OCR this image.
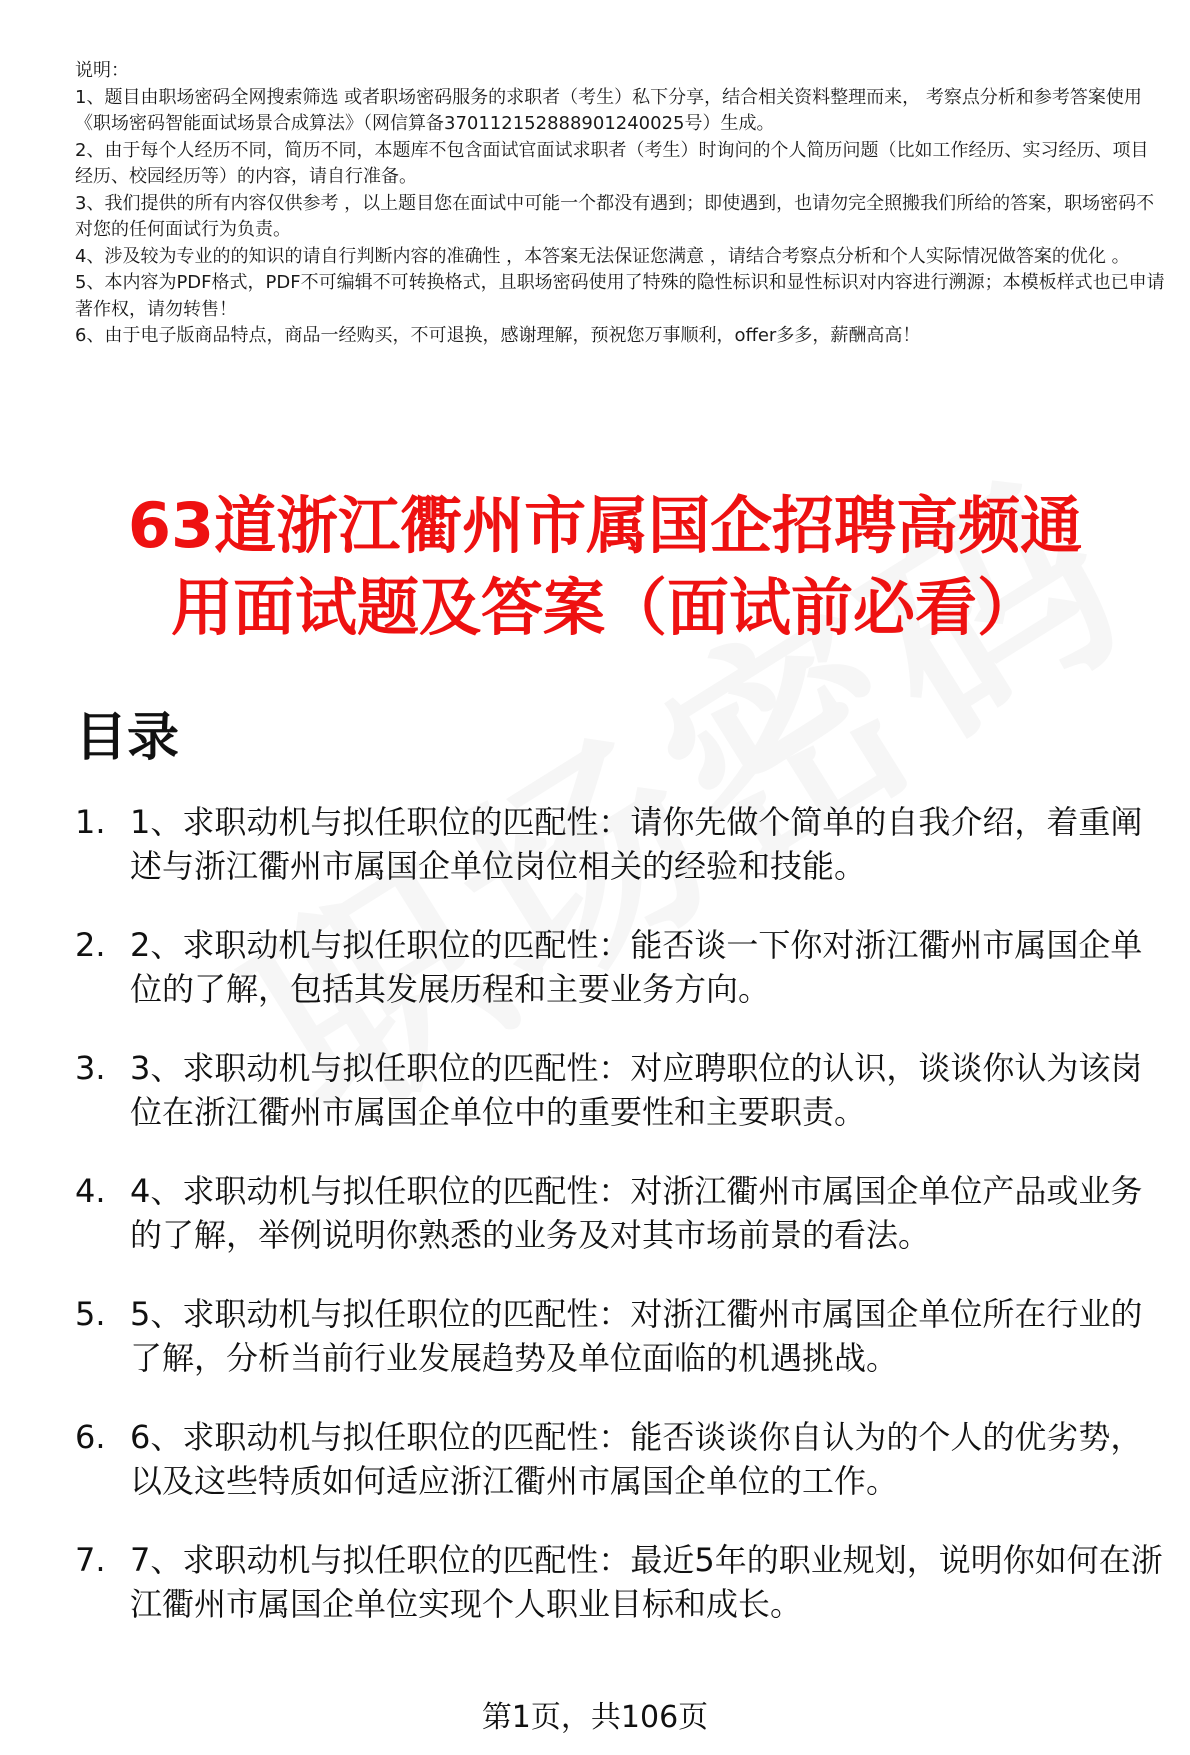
说明：

1、题目由职场密码全网搜索筛选 或者职场密码服务的求职者（考生）私下分享，结合相关资料整理而来， 考察点分析和参考答案使用《职场密码智能面试场景合成算法》（网信算备370112152888901240025号）生成。

2、由于每个人经历不同，简历不同，本题库不包含面试官面试求职者（考生）时询问的个人简历问题（比如工作经历、实习经历、项目经历、校园经历等）的内容，请自行准备。

3、我们提供的所有内容仅供参考 ，以上题目您在面试中可能一个都没有遇到；即使遇到，也请勿完全照搬我们所给的答案，职场密码不对您的任何面试行为负责。

4、涉及较为专业的的知识的请自行判断内容的准确性 ，本答案无法保证您满意 ，请结合考察点分析和个人实际情况做答案的优化 。

5、本内容为PDF格式，PDF不可编辑不可转换格式，且职场密码使用了特殊的隐性标识和显性标识对内容进行溯源；本模板样式也已申请著作权，请勿转售！

6、由于电子版商品特点，商品一经购买，不可退换，感谢理解，预祝您万事顺利，offer多多，薪酬高高！

63道浙江衢州市属国企招聘高频通
用面试题及答案（面试前必看）
目录
1. 1、求职动机与拟任职位的匹配性：请你先做个简单的自我介绍，着重阐述与浙江衢州市属国企单位岗位相关的经验和技能。
2. 2、求职动机与拟任职位的匹配性：能否谈一下你对浙江衢州市属国企单位的了解，包括其发展历程和主要业务方向。
3. 3、求职动机与拟任职位的匹配性：对应聘职位的认识，谈谈你认为该岗位在浙江衢州市属国企单位中的重要性和主要职责。
4. 4、求职动机与拟任职位的匹配性：对浙江衢州市属国企单位产品或业务的了解，举例说明你熟悉的业务及对其市场前景的看法。
5. 5、求职动机与拟任职位的匹配性：对浙江衢州市属国企单位所在行业的了解，分析当前行业发展趋势及单位面临的机遇挑战。
6. 6、求职动机与拟任职位的匹配性：能否谈谈你自认为的个人的优劣势，以及这些特质如何适应浙江衢州市属国企单位的工作。
7. 7、求职动机与拟任职位的匹配性：最近5年的职业规划，说明你如何在浙江衢州市属国企单位实现个人职业目标和成长。
第1页，共106页
